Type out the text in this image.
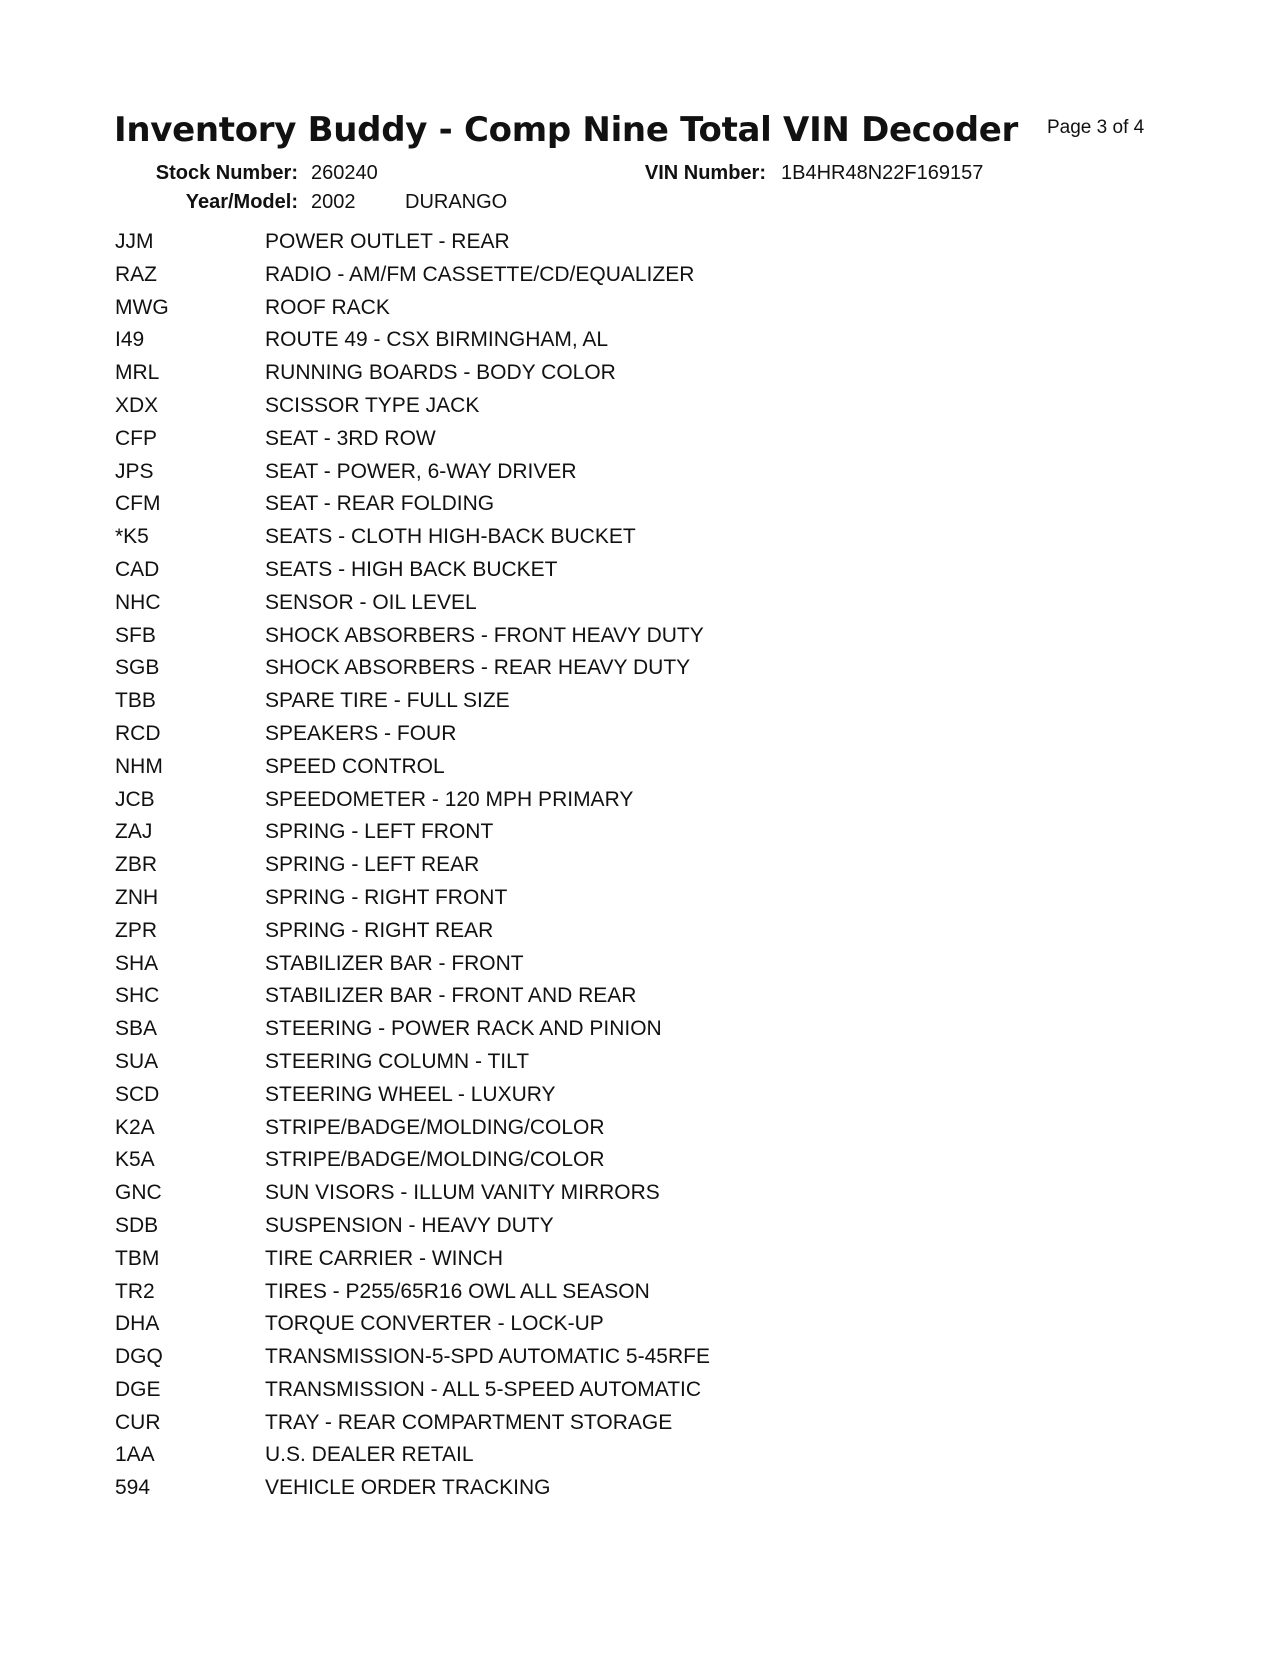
Inventory Buddy - Comp Nine Total VIN Decoder Page 3 of 4
Stock Number: 260240	VIN Number: 1B4HR48N22F169157
Year/Model: 2002 DURANGO
JJM	POWER OUTLET - REAR
RAZ	RADIO - AM/FM CASSETTE/CD/EQUALIZER
MWG	ROOF RACK
I49	ROUTE 49 - CSX BIRMINGHAM, AL
MRL	RUNNING BOARDS - BODY COLOR
XDX	SCISSOR TYPE JACK
CFP	SEAT - 3RD ROW
JPS	SEAT - POWER, 6-WAY DRIVER
CFM	SEAT - REAR FOLDING
*K5	SEATS - CLOTH HIGH-BACK BUCKET
CAD	SEATS - HIGH BACK BUCKET
NHC	SENSOR - OIL LEVEL
SFB	SHOCK ABSORBERS - FRONT HEAVY DUTY
SGB	SHOCK ABSORBERS - REAR HEAVY DUTY
TBB	SPARE TIRE - FULL SIZE
RCD	SPEAKERS - FOUR
NHM	SPEED CONTROL
JCB	SPEEDOMETER - 120 MPH PRIMARY
ZAJ	SPRING - LEFT FRONT
ZBR	SPRING - LEFT REAR
ZNH	SPRING - RIGHT FRONT
ZPR	SPRING - RIGHT REAR
SHA	STABILIZER BAR - FRONT
SHC	STABILIZER BAR - FRONT AND REAR
SBA	STEERING - POWER RACK AND PINION
SUA	STEERING COLUMN - TILT
SCD	STEERING WHEEL - LUXURY
K2A	STRIPE/BADGE/MOLDING/COLOR
K5A	STRIPE/BADGE/MOLDING/COLOR
GNC	SUN VISORS - ILLUM VANITY MIRRORS
SDB	SUSPENSION - HEAVY DUTY
TBM	TIRE CARRIER - WINCH
TR2	TIRES - P255/65R16 OWL ALL SEASON
DHA	TORQUE CONVERTER - LOCK-UP
DGQ	TRANSMISSION-5-SPD AUTOMATIC 5-45RFE
DGE	TRANSMISSION - ALL 5-SPEED AUTOMATIC
CUR	TRAY - REAR COMPARTMENT STORAGE
1AA	U.S. DEALER RETAIL
594	VEHICLE ORDER TRACKING
